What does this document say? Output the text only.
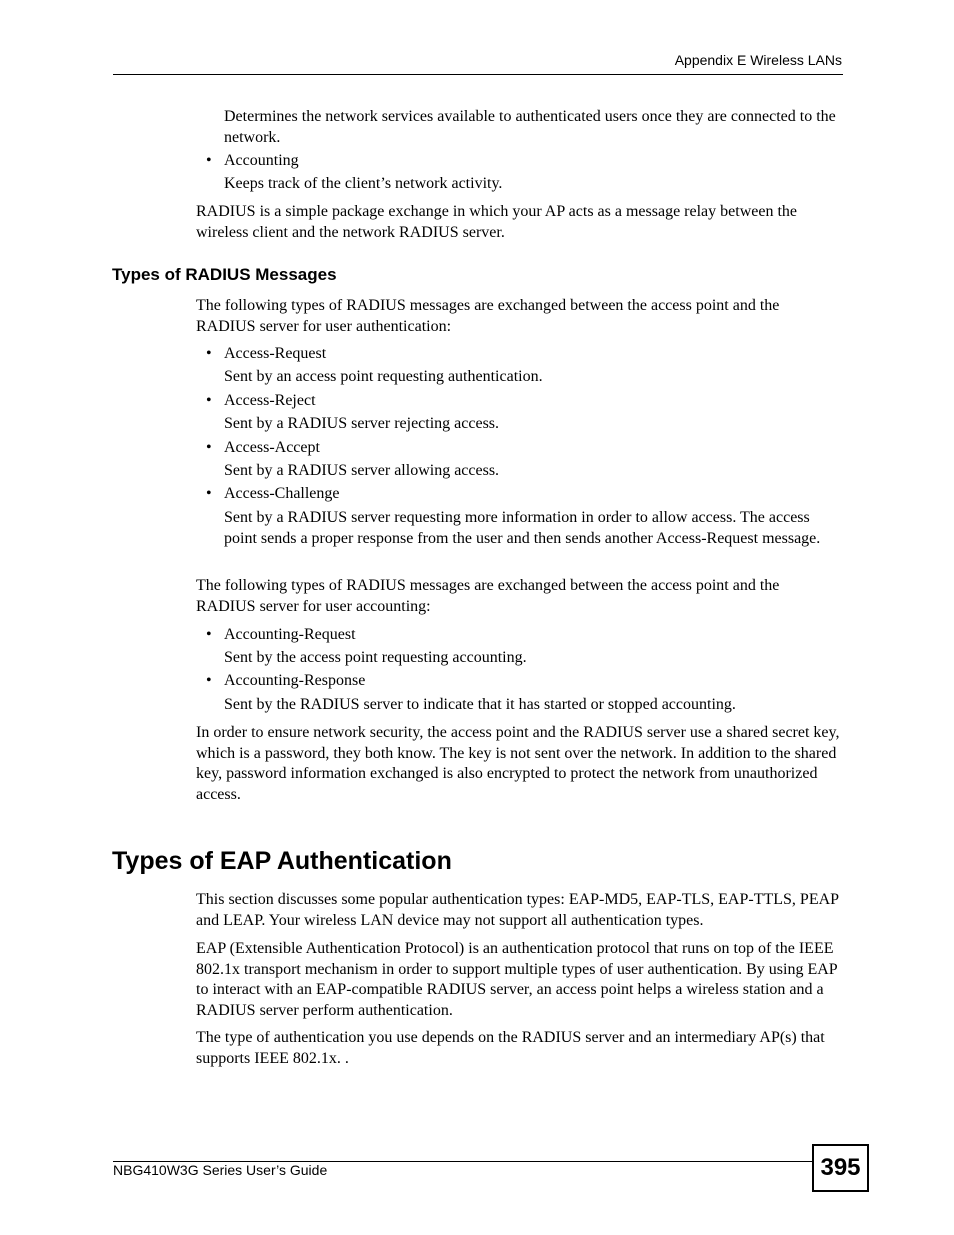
Appendix E Wireless LANs

Determines the network services available to authenticated users once they are connected to the network.

• Accounting

Keeps track of the client’s network activity.

RADIUS is a simple package exchange in which your AP acts as a message relay between the wireless client and the network RADIUS server.

Types of RADIUS Messages

The following types of RADIUS messages are exchanged between the access point and the RADIUS server for user authentication:

• Access-Request

Sent by an access point requesting authentication.

• Access-Reject

Sent by a RADIUS server rejecting access.

• Access-Accept

Sent by a RADIUS server allowing access.

• Access-Challenge

Sent by a RADIUS server requesting more information in order to allow access. The access point sends a proper response from the user and then sends another Access-Request message.

The following types of RADIUS messages are exchanged between the access point and the RADIUS server for user accounting:

• Accounting-Request

Sent by the access point requesting accounting.

• Accounting-Response

Sent by the RADIUS server to indicate that it has started or stopped accounting.

In order to ensure network security, the access point and the RADIUS server use a shared secret key, which is a password, they both know. The key is not sent over the network. In addition to the shared key, password information exchanged is also encrypted to protect the network from unauthorized access.

Types of EAP Authentication

This section discusses some popular authentication types: EAP-MD5, EAP-TLS, EAP-TTLS, PEAP and LEAP. Your wireless LAN device may not support all authentication types.

EAP (Extensible Authentication Protocol) is an authentication protocol that runs on top of the IEEE 802.1x transport mechanism in order to support multiple types of user authentication. By using EAP to interact with an EAP-compatible RADIUS server, an access point helps a wireless station and a RADIUS server perform authentication.

The type of authentication you use depends on the RADIUS server and an intermediary AP(s) that supports IEEE 802.1x. .

NBG410W3G Series User’s Guide	395
